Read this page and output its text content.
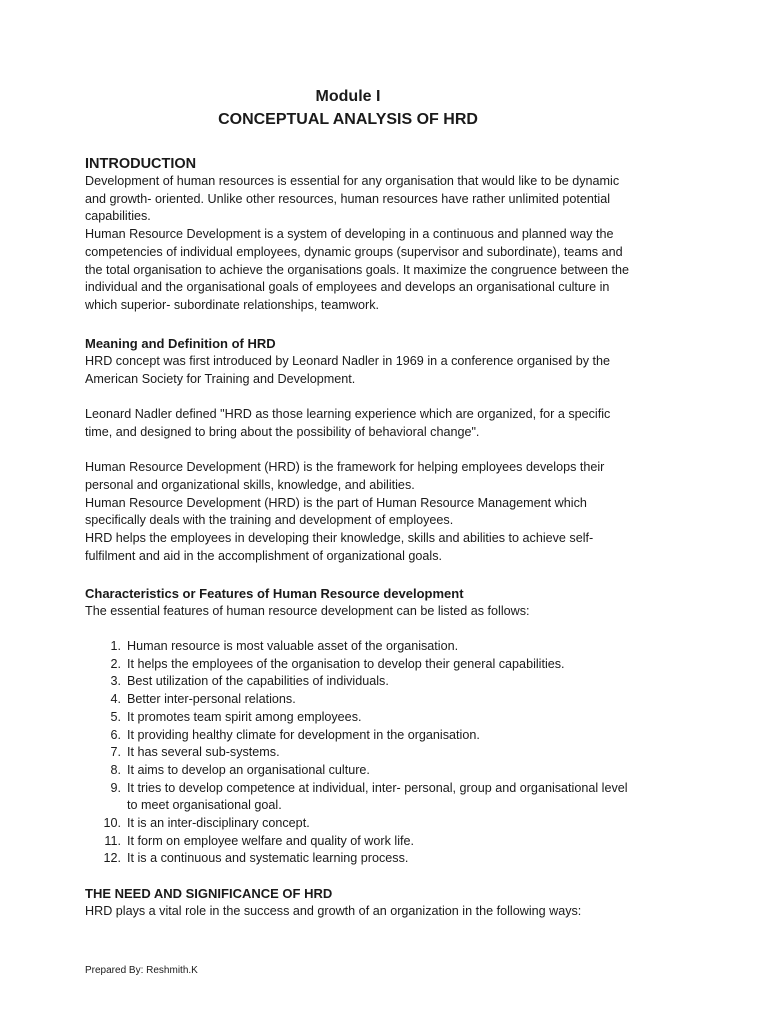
Module I
CONCEPTUAL ANALYSIS OF HRD
INTRODUCTION

Development of human resources is essential for any organisation that would like to be dynamic and growth- oriented. Unlike other resources, human resources have rather unlimited potential capabilities.

Human Resource Development is a system of developing in a continuous and planned way the competencies of individual employees, dynamic groups (supervisor and subordinate), teams and the total organisation to achieve the organisations goals. It maximize the congruence between the individual and the organisational goals of employees and develops an organisational culture in which superior- subordinate relationships, teamwork.

Meaning and Definition of HRD

HRD concept was first introduced by Leonard Nadler in 1969 in a conference organised by the American Society for Training and Development.

Leonard Nadler defined "HRD as those learning experience which are organized, for a specific time, and designed to bring about the possibility of behavioral change".

Human Resource Development (HRD) is the framework for helping employees develops their personal and organizational skills, knowledge, and abilities.

Human Resource Development (HRD) is the part of Human Resource Management which specifically deals with the training and development of employees.

HRD helps the employees in developing their knowledge, skills and abilities to achieve self-fulfilment and aid in the accomplishment of organizational goals.

Characteristics or Features of Human Resource development

The essential features of human resource development can be listed as follows:

1. Human resource is most valuable asset of the organisation.
2. It helps the employees of the organisation to develop their general capabilities.
3. Best utilization of the capabilities of individuals.
4. Better inter-personal relations.
5. It promotes team spirit among employees.
6. It providing healthy climate for development in the organisation.
7. It has several sub-systems.
8. It aims to develop an organisational culture.
9. It tries to develop competence at individual, inter- personal, group and organisational level to meet organisational goal.
10. It is an inter-disciplinary concept.
11. It form on employee welfare and quality of work life.
12. It is a continuous and systematic learning process.
THE NEED AND SIGNIFICANCE OF HRD

HRD plays a vital role in the success and growth of an organization in the following ways:

Prepared By: Reshmith.K
